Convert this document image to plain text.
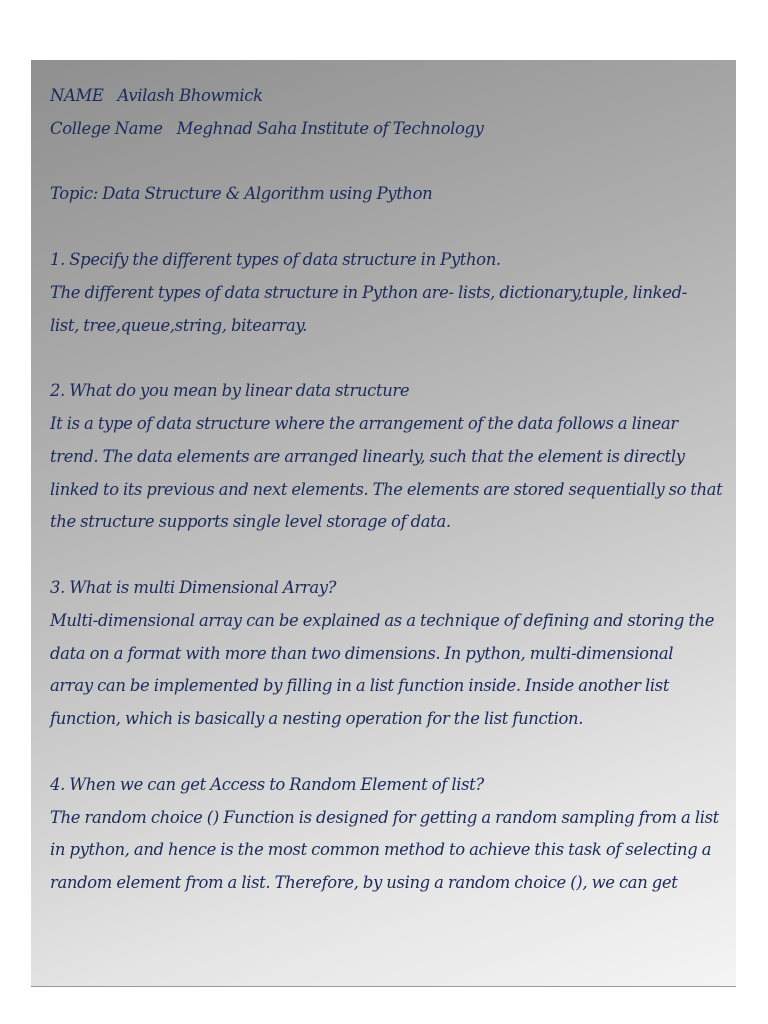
NAME Avilash Bhowmick
College Name Meghnad Saha Institute of Technology
Topic: Data Structure & Algorithm using Python
1. Specify the different types of data structure in Python.
The different types of data structure in Python are- lists, dictionary,tuple, linked-
list, tree,queue,string, bitearray.
2. What do you mean by linear data structure
It is a type of data structure where the arrangement of the data follows a linear
trend. The data elements are arranged linearly, such that the element is directly
linked to its previous and next elements. The elements are stored sequentially so that
the structure supports single level storage of data.
3. What is multi Dimensional Array?
Multi-dimensional array can be explained as a technique of defining and storing the
data on a format with more than two dimensions. In python, multi-dimensional
array can be implemented by filling in a list function inside. Inside another list
function, which is basically a nesting operation for the list function.
4. When we can get Access to Random Element of list?
The random choice () Function is designed for getting a random sampling from a list
in python, and hence is the most common method to achieve this task of selecting a
random element from a list. Therefore, by using a random choice (), we can get
